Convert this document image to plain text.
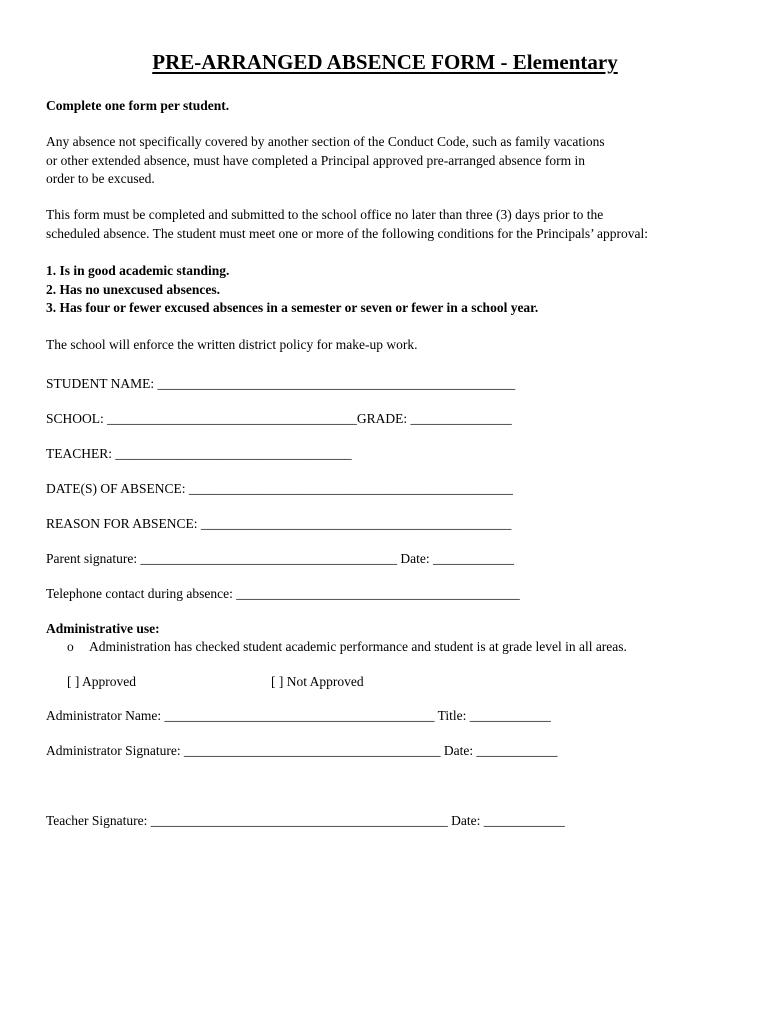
PRE-ARRANGED ABSENCE FORM - Elementary

Complete one form per student.

Any absence not specifically covered by another section of the Conduct Code, such as family vacations
or other extended absence, must have completed a Principal approved pre-arranged absence form in
order to be excused.

This form must be completed and submitted to the school office no later than three (3) days prior to the
scheduled absence. The student must meet one or more of the following conditions for the Principals’ approval:

1. Is in good academic standing.
2. Has no unexcused absences.
3. Has four or fewer excused absences in a semester or seven or fewer in a school year.

The school will enforce the written district policy for make-up work.

STUDENT NAME: _____________________________________________________
SCHOOL: _____________________________________GRADE: _______________
TEACHER: ___________________________________
DATE(S) OF ABSENCE: ________________________________________________
REASON FOR ABSENCE: ______________________________________________
Parent signature: ______________________________________ Date: ____________
Telephone contact during absence: __________________________________________
Administrative use:
o Administration has checked student academic performance and student is at grade level in all areas.
[ ] Approved	[ ] Not Approved
Administrator Name: ________________________________________ Title: ____________
Administrator Signature: ______________________________________ Date: ____________
Teacher Signature: ____________________________________________ Date: ____________
